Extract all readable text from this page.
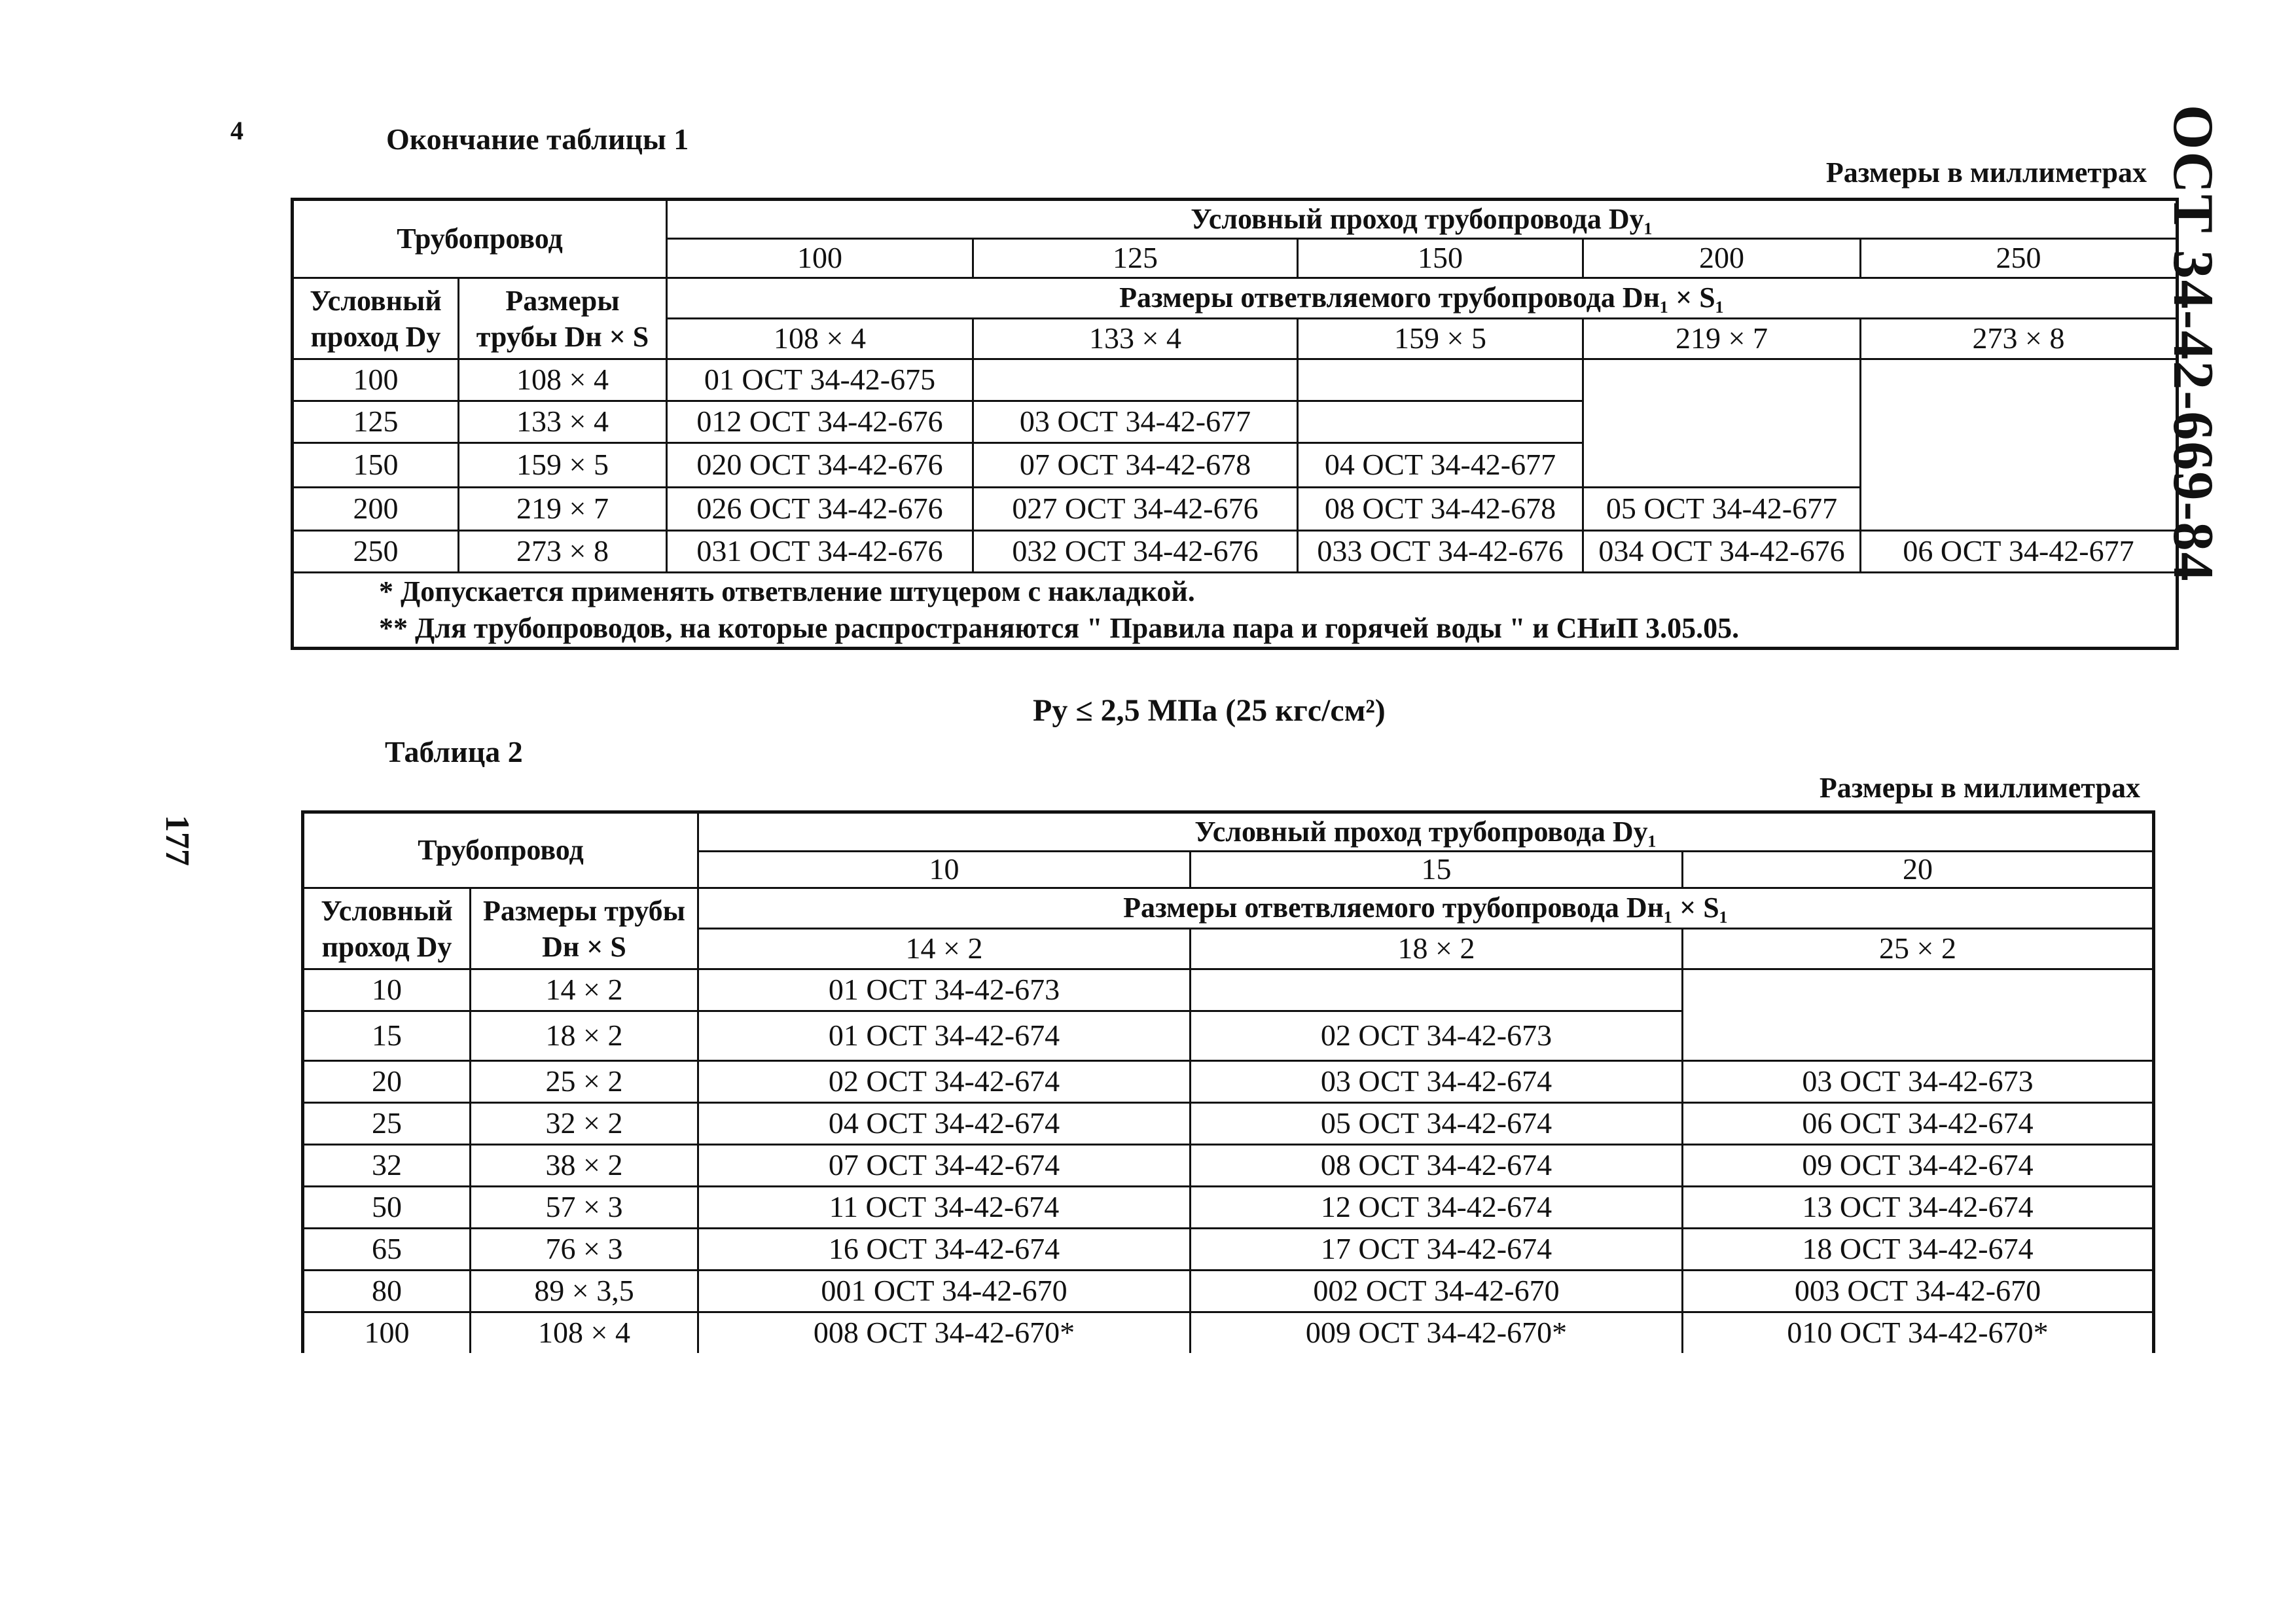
4
177
ОСТ 34-42-669-84
Окончание таблицы 1
Размеры в миллиметрах
Трубопровод		Условный проход трубопровода Dy₁				
		100	125	150	200	250
Условный проход Dy	Размеры трубы Dн × S	Размеры ответвляемого трубопровода Dн₁ × S₁				
		108 × 4	133 × 4	159 × 5	219 × 7	273 × 8
100	108 × 4	01 ОСТ 34-42-675				
125	133 × 4	012 ОСТ 34-42-676	03 ОСТ 34-42-677			
150	159 × 5	020 ОСТ 34-42-676	07 ОСТ 34-42-678	04 ОСТ 34-42-677		
200	219 × 7	026 ОСТ 34-42-676	027 ОСТ 34-42-676	08 ОСТ 34-42-678	05 ОСТ 34-42-677	
250	273 × 8	031 ОСТ 34-42-676	032 ОСТ 34-42-676	033 ОСТ 34-42-676	034 ОСТ 34-42-676	06 ОСТ 34-42-677
* Допускается применять ответвление штуцером с накладкой.						
** Для трубопроводов, на которые распространяются " Правила пара и горячей воды " и СНиП 3.05.05.						
Py ≤ 2,5 МПа (25 кгс/см²)
Таблица 2
Размеры в миллиметрах
Трубопровод		Условный проход трубопровода Dy₁		
		10	15	20
Условный проход Dy	Размеры трубы Dн × S	Размеры ответвляемого трубопровода Dн₁ × S₁		
		14 × 2	18 × 2	25 × 2
10	14 × 2	01 ОСТ 34-42-673		
15	18 × 2	01 ОСТ 34-42-674	02 ОСТ 34-42-673	
20	25 × 2	02 ОСТ 34-42-674	03 ОСТ 34-42-674	03 ОСТ 34-42-673
25	32 × 2	04 ОСТ 34-42-674	05 ОСТ 34-42-674	06 ОСТ 34-42-674
32	38 × 2	07 ОСТ 34-42-674	08 ОСТ 34-42-674	09 ОСТ 34-42-674
50	57 × 3	11 ОСТ 34-42-674	12 ОСТ 34-42-674	13 ОСТ 34-42-674
65	76 × 3	16 ОСТ 34-42-674	17 ОСТ 34-42-674	18 ОСТ 34-42-674
80	89 × 3,5	001 ОСТ 34-42-670	002 ОСТ 34-42-670	003 ОСТ 34-42-670
100	108 × 4	008 ОСТ 34-42-670*	009 ОСТ 34-42-670*	010 ОСТ 34-42-670*
